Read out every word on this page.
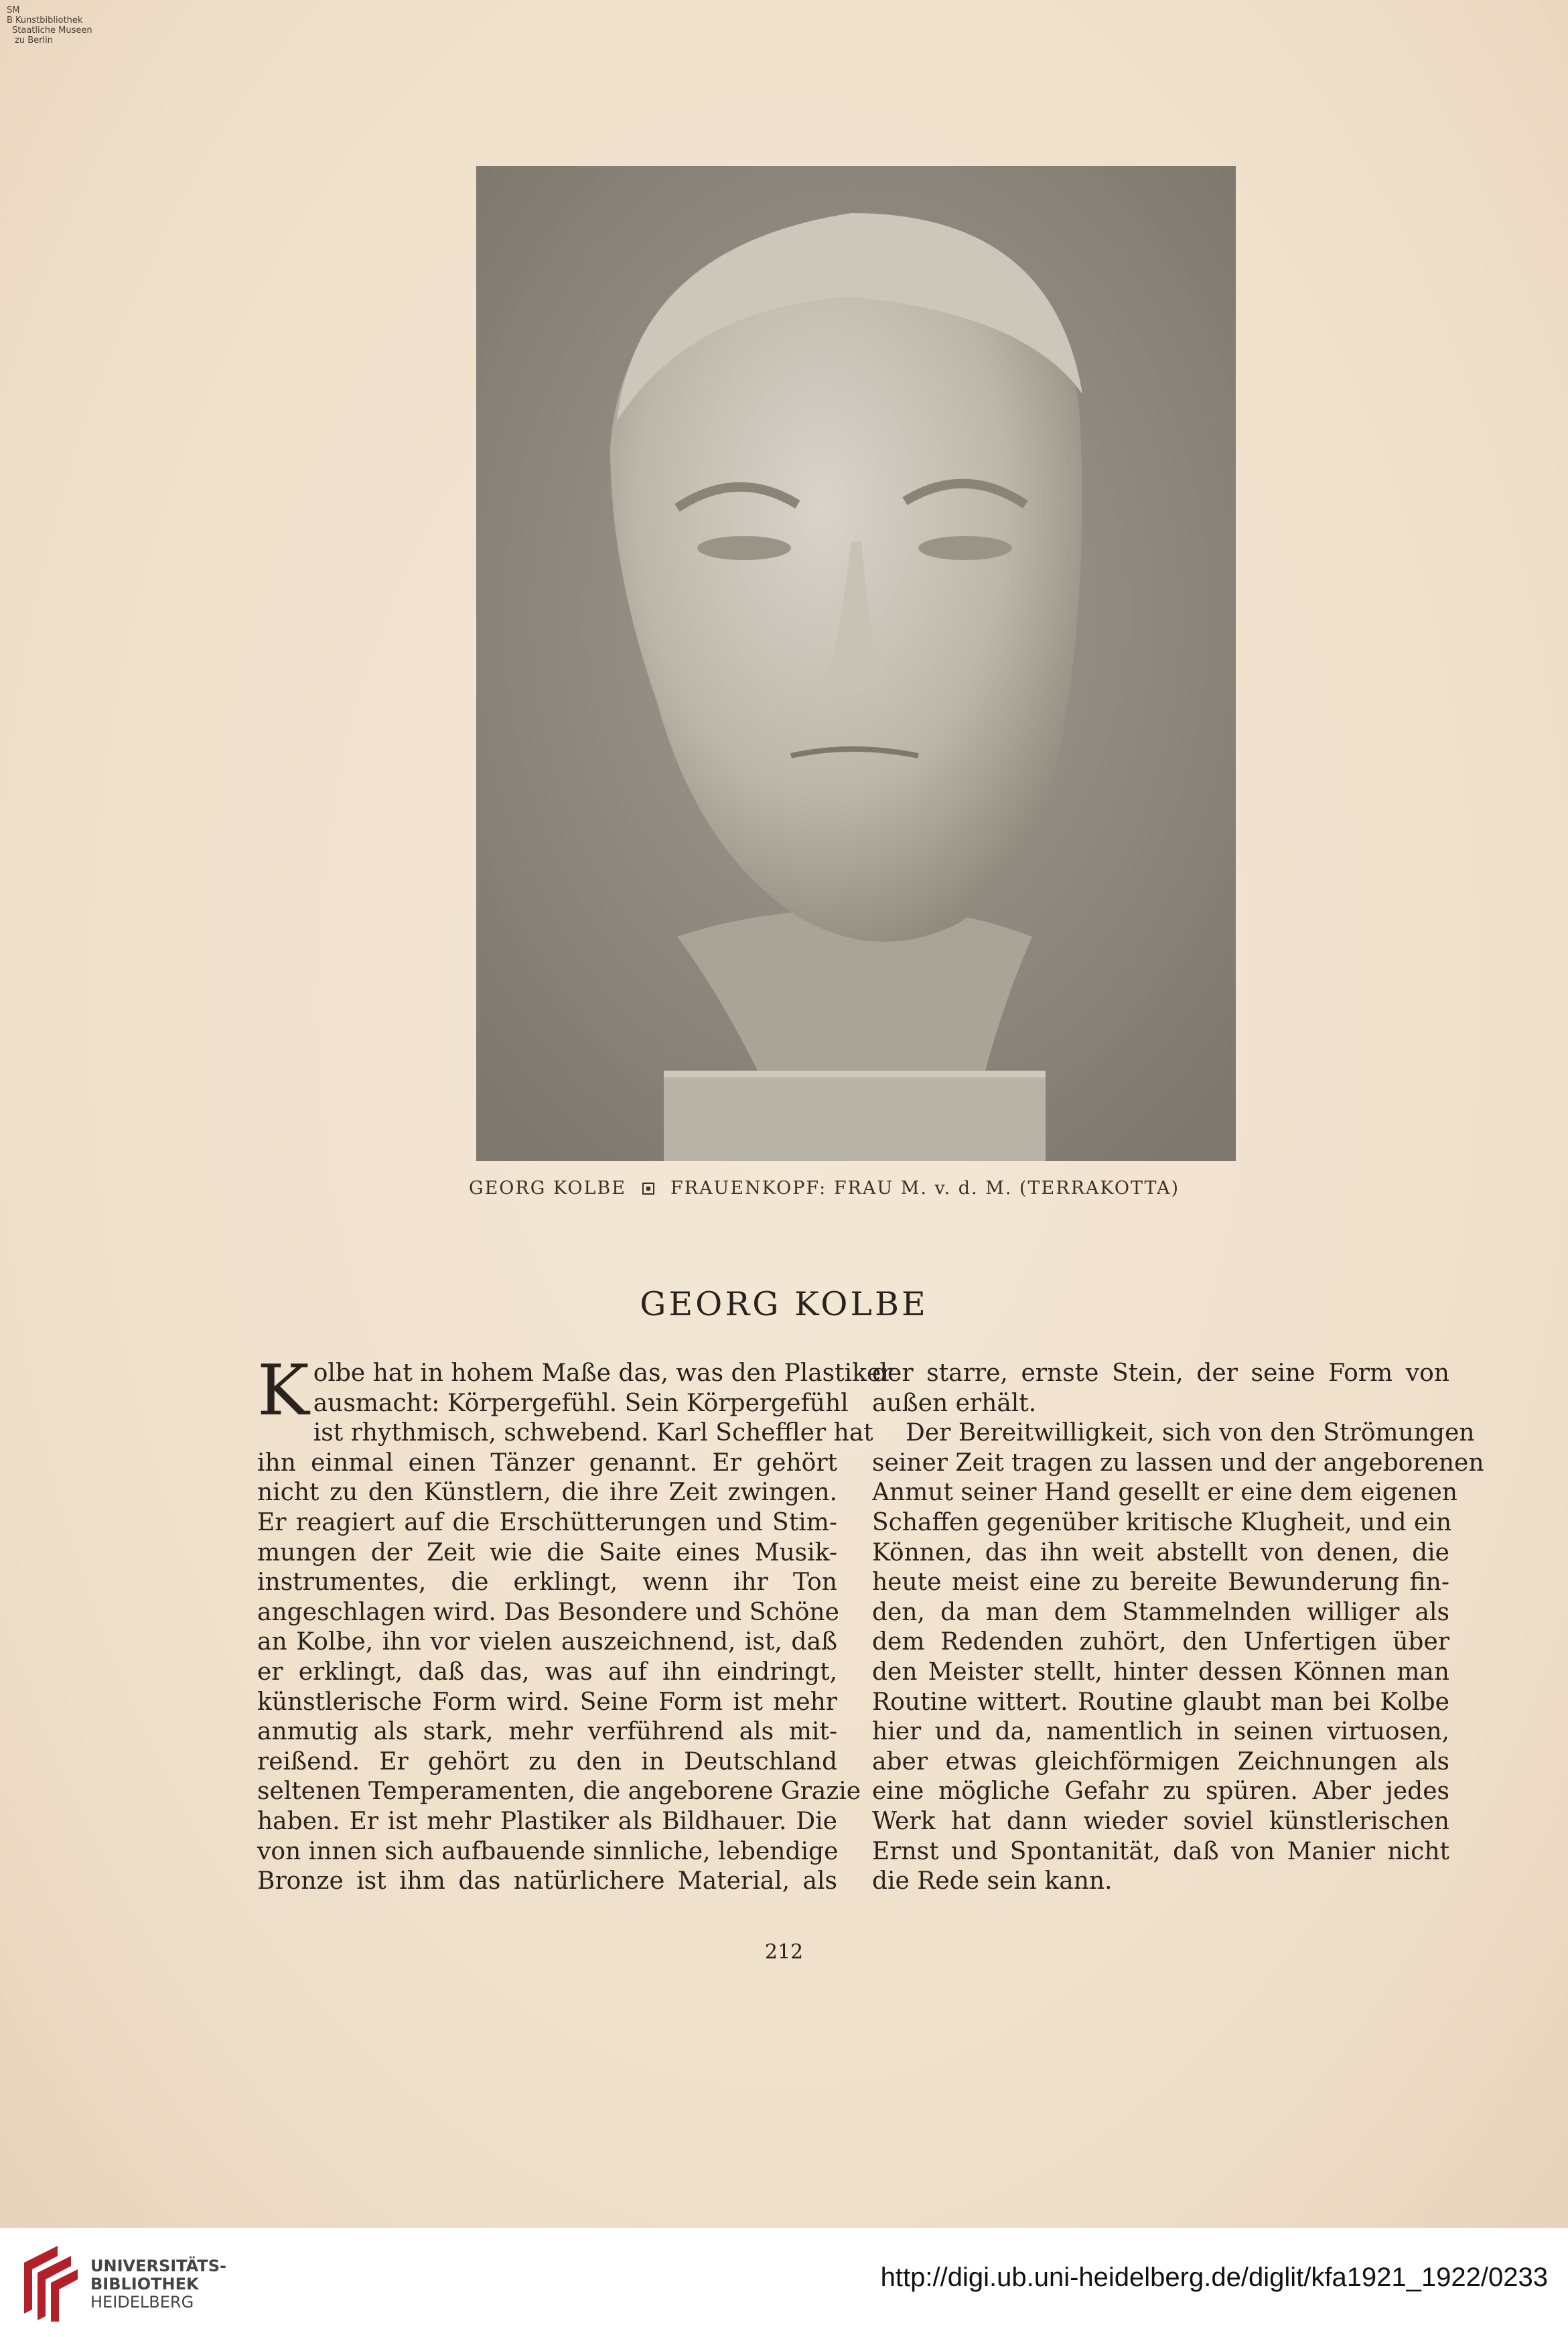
SM
B Kunstbibliothek
Staatliche Museen
zu Berlin
GEORG KOLBE FRAUENKOPF: FRAU M. v. d. M. (TERRAKOTTA)
GEORG KOLBE
K olbe hat in hohem Maße das, was den Plastiker
ausmacht: Körpergefühl. Sein Körpergefühl
ist rhythmisch, schwebend. Karl Scheffler hat
ihn einmal einen Tänzer genannt. Er gehört
nicht zu den Künstlern, die ihre Zeit zwingen.
Er reagiert auf die Erschütterungen und Stim-
mungen der Zeit wie die Saite eines Musik-
instrumentes, die erklingt, wenn ihr Ton
angeschlagen wird. Das Besondere und Schöne
an Kolbe, ihn vor vielen auszeichnend, ist, daß
er erklingt, daß das, was auf ihn eindringt,
künstlerische Form wird. Seine Form ist mehr
anmutig als stark, mehr verführend als mit-
reißend. Er gehört zu den in Deutschland
seltenen Temperamenten, die angeborene Grazie
haben. Er ist mehr Plastiker als Bildhauer. Die
von innen sich aufbauende sinnliche, lebendige
Bronze ist ihm das natürlichere Material, als
der starre, ernste Stein, der seine Form von
außen erhält.
Der Bereitwilligkeit, sich von den Strömungen
seiner Zeit tragen zu lassen und der angeborenen
Anmut seiner Hand gesellt er eine dem eigenen
Schaffen gegenüber kritische Klugheit, und ein
Können, das ihn weit abstellt von denen, die
heute meist eine zu bereite Bewunderung fin-
den, da man dem Stammelnden williger als
dem Redenden zuhört, den Unfertigen über
den Meister stellt, hinter dessen Können man
Routine wittert. Routine glaubt man bei Kolbe
hier und da, namentlich in seinen virtuosen,
aber etwas gleichförmigen Zeichnungen als
eine mögliche Gefahr zu spüren. Aber jedes
Werk hat dann wieder soviel künstlerischen
Ernst und Spontanität, daß von Manier nicht
die Rede sein kann.
212
UNIVERSITÄTS-
BIBLIOTHEK
HEIDELBERG
http://digi.ub.uni-heidelberg.de/diglit/kfa1921_1922/0233
